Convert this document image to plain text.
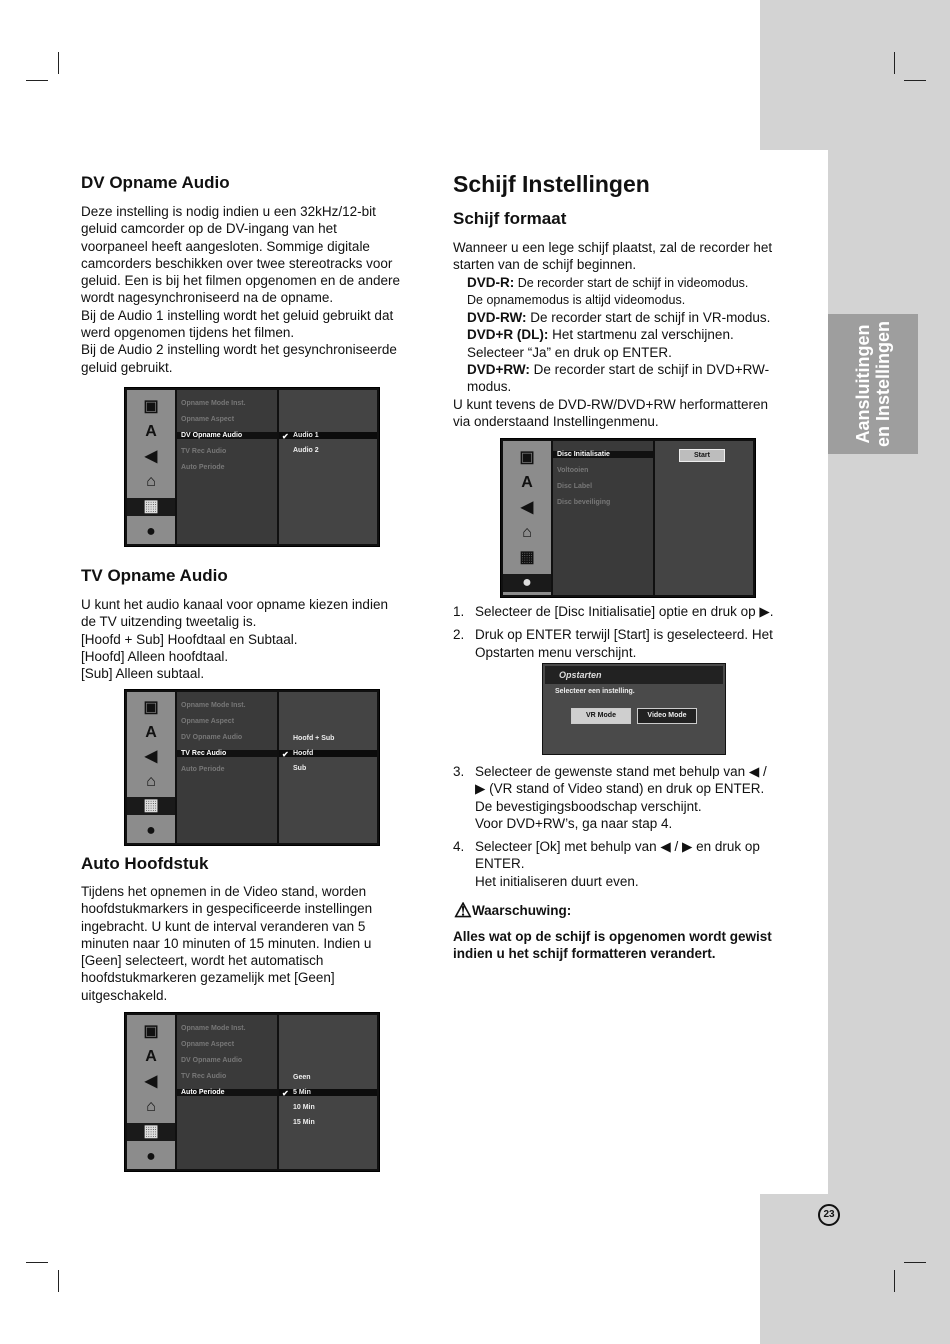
Aansluitingen en Instellingen
DV Opname Audio
Deze instelling is nodig indien u een 32kHz/12-bit
geluid camcorder op de DV-ingang van het
voorpaneel heeft aangesloten. Sommige digitale
camcorders beschikken over twee stereotracks voor
geluid. Een is bij het filmen opgenomen en de andere
wordt nagesynchroniseerd na de opname.
Bij de Audio 1 instelling wordt het geluid gebruikt dat
werd opgenomen tijdens het filmen.
Bij de Audio 2 instelling wordt het gesynchroniseerde
geluid gebruikt.
▣
A
◀
⌂
▦
●
Opname Mode Inst.
Opname Aspect
DV Opname Audio
TV Rec Audio
Auto Periode
✔ Audio 1
Audio 2
TV Opname Audio
U kunt het audio kanaal voor opname kiezen indien
de TV uitzending tweetalig is.
[Hoofd + Sub] Hoofdtaal en Subtaal.
[Hoofd] Alleen hoofdtaal.
[Sub] Alleen subtaal.
▣
A
◀
⌂
▦
●
Opname Mode Inst.
Opname Aspect
DV Opname Audio
TV Rec Audio
Auto Periode
Hoofd + Sub
✔ Hoofd
Sub
Auto Hoofdstuk
Tijdens het opnemen in de Video stand, worden
hoofdstukmarkers in gespecificeerde instellingen
ingebracht. U kunt de interval veranderen van 5
minuten naar 10 minuten of 15 minuten. Indien u
[Geen] selecteert, wordt het automatisch
hoofdstukmarkeren gezamelijk met [Geen]
uitgeschakeld.
▣
A
◀
⌂
▦
●
Opname Mode Inst.
Opname Aspect
DV Opname Audio
TV Rec Audio
Auto Periode
Geen
✔ 5 Min
10 Min
15 Min
Schijf Instellingen
Schijf formaat
Wanneer u een lege schijf plaatst, zal de recorder het
starten van de schijf beginnen.
DVD-R: De recorder start de schijf in videomodus.
De opnamemodus is altijd videomodus.
DVD-RW: De recorder start de schijf in VR-modus.
DVD+R (DL): Het startmenu zal verschijnen.
Selecteer “Ja” en druk op ENTER.
DVD+RW: De recorder start de schijf in DVD+RW-
modus.
U kunt tevens de DVD-RW/DVD+RW herformatteren
via onderstaand Instellingenmenu.
▣
A
◀
⌂
▦
●
Disc Initialisatie
Voltooien
Disc Label
Disc beveiliging
Start
1. Selecteer de [Disc Initialisatie] optie en druk op ▶.
2. Druk op ENTER terwijl [Start] is geselecteerd. Het
Opstarten menu verschijnt.
Opstarten
Selecteer een instelling.
VR Mode	Video Mode
3. Selecteer de gewenste stand met behulp van ◀ /
▶ (VR stand of Video stand) en druk op ENTER.
De bevestigingsboodschap verschijnt.
Voor DVD+RW’s, ga naar stap 4.
4. Selecteer [Ok] met behulp van ◀ / ▶ en druk op
ENTER.
Het initialiseren duurt even.
⚠Waarschuwing:
Alles wat op de schijf is opgenomen wordt gewist
indien u het schijf formatteren verandert.
23
